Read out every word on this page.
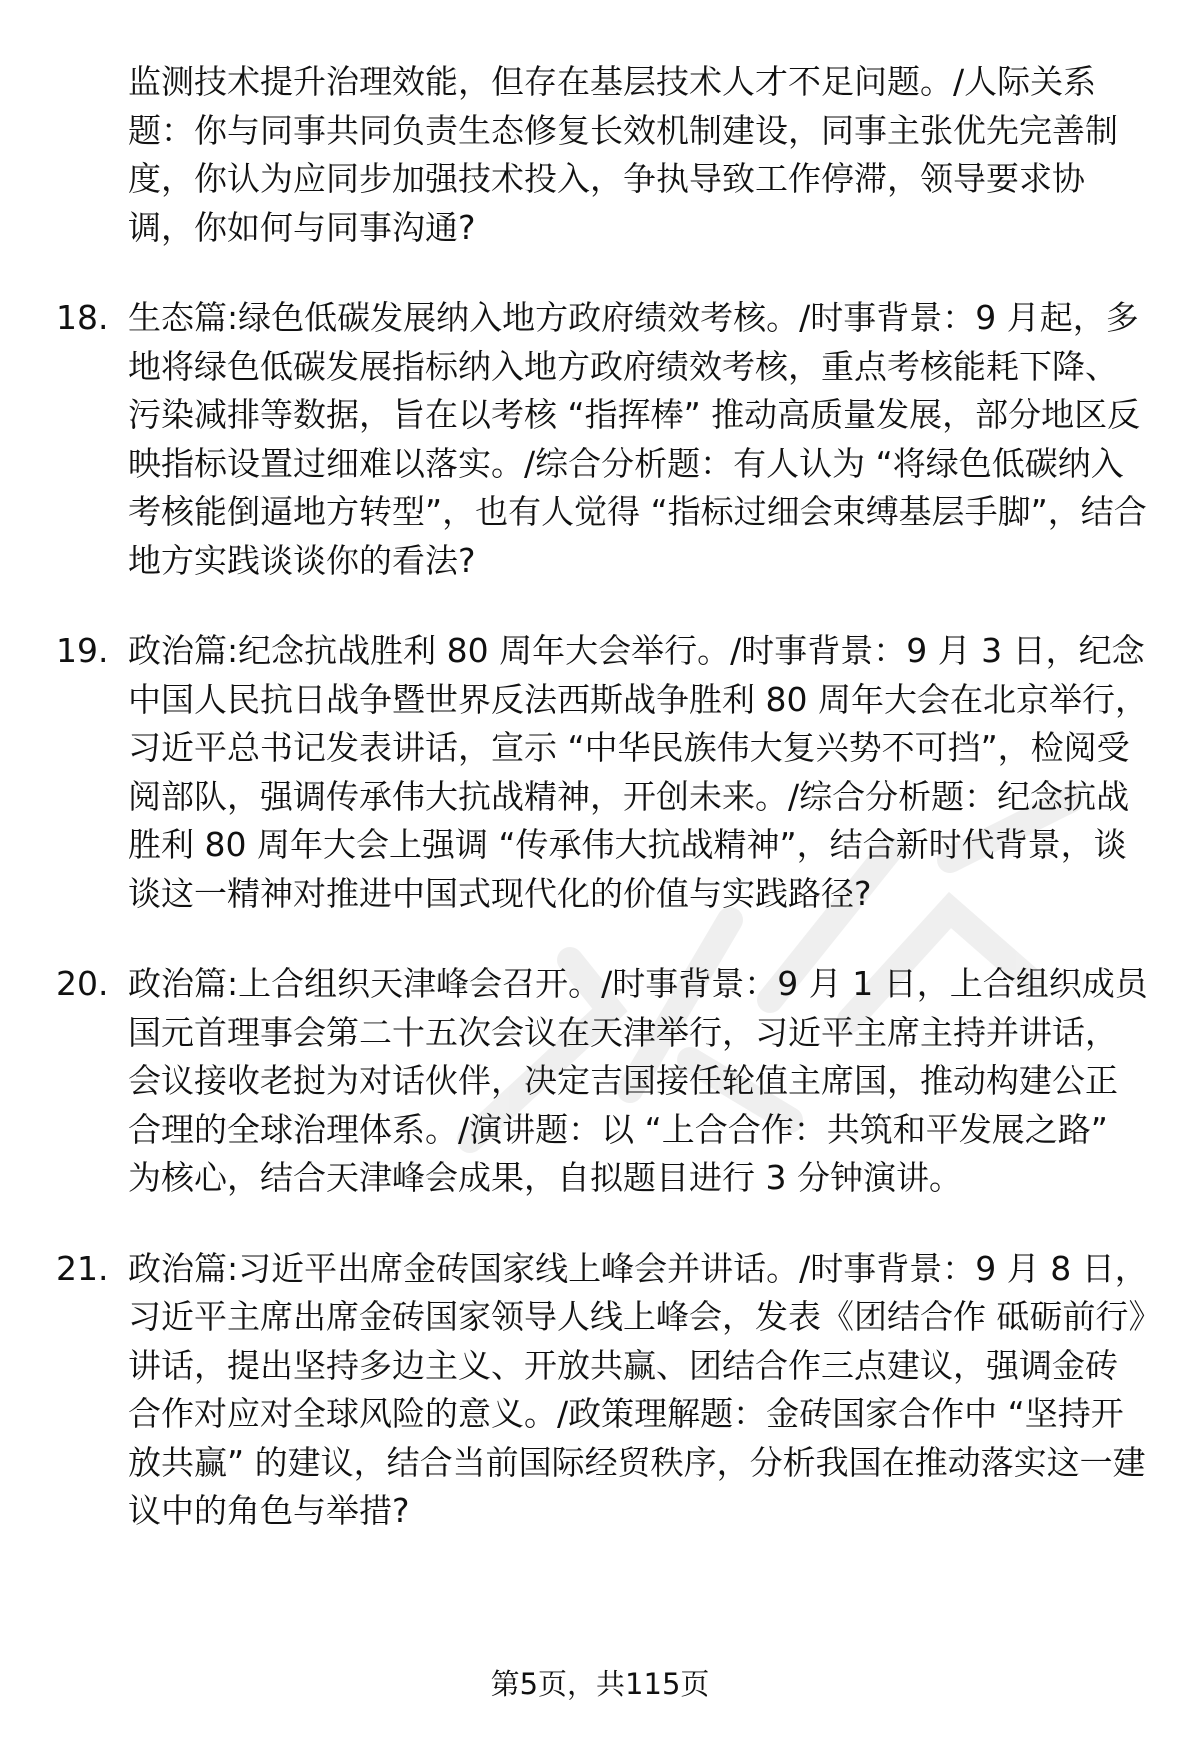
监测技术提升治理效能，但存在基层技术人才不足问题。/人际关系题：你与同事共同负责生态修复长效机制建设，同事主张优先完善制度，你认为应同步加强技术投入，争执导致工作停滞，领导要求协调，你如何与同事沟通?
18. 生态篇:绿色低碳发展纳入地方政府绩效考核。/时事背景：9 月起，多地将绿色低碳发展指标纳入地方政府绩效考核，重点考核能耗下降、污染减排等数据，旨在以考核 “指挥棒” 推动高质量发展，部分地区反映指标设置过细难以落实。/综合分析题：有人认为 “将绿色低碳纳入考核能倒逼地方转型”，也有人觉得 “指标过细会束缚基层手脚”，结合地方实践谈谈你的看法?
19. 政治篇:纪念抗战胜利 80 周年大会举行。/时事背景：9 月 3 日，纪念中国人民抗日战争暨世界反法西斯战争胜利 80 周年大会在北京举行，习近平总书记发表讲话，宣示 “中华民族伟大复兴势不可挡”，检阅受阅部队，强调传承伟大抗战精神，开创未来。/综合分析题：纪念抗战胜利 80 周年大会上强调 “传承伟大抗战精神”，结合新时代背景，谈谈这一精神对推进中国式现代化的价值与实践路径?
20. 政治篇:上合组织天津峰会召开。/时事背景：9 月 1 日，上合组织成员国元首理事会第二十五次会议在天津举行，习近平主席主持并讲话，会议接收老挝为对话伙伴，决定吉国接任轮值主席国，推动构建公正合理的全球治理体系。/演讲题：以 “上合合作：共筑和平发展之路” 为核心，结合天津峰会成果，自拟题目进行 3 分钟演讲。
21. 政治篇:习近平出席金砖国家线上峰会并讲话。/时事背景：9 月 8 日，习近平主席出席金砖国家领导人线上峰会，发表《团结合作 砥砺前行》讲话，提出坚持多边主义、开放共赢、团结合作三点建议，强调金砖合作对应对全球风险的意义。/政策理解题：金砖国家合作中 “坚持开放共赢” 的建议，结合当前国际经贸秩序，分析我国在推动落实这一建议中的角色与举措?
第5页，共115页
